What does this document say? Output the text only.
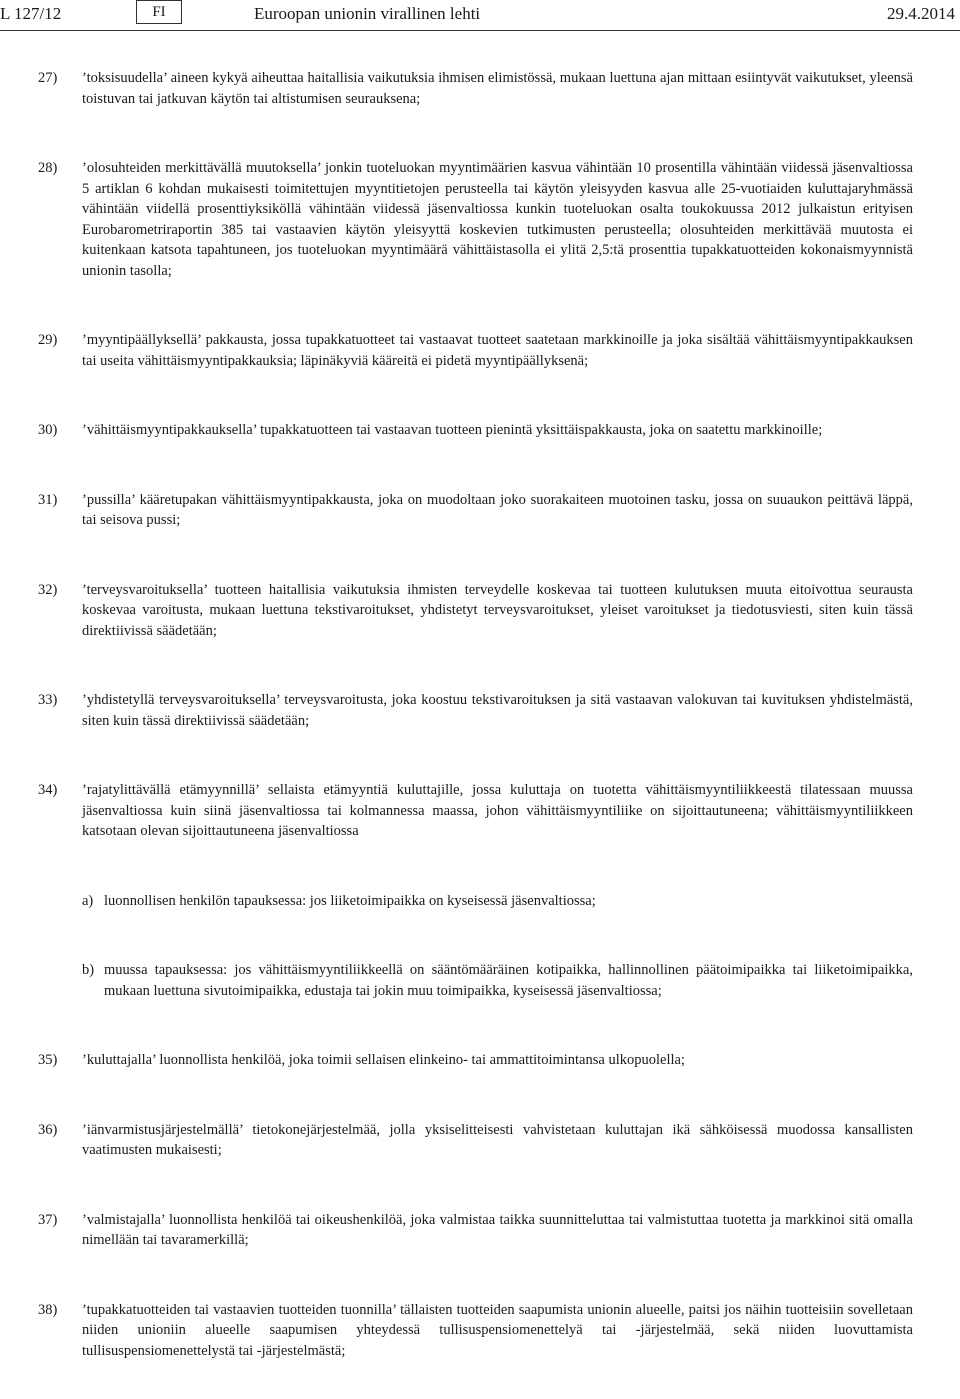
L 127/12	FI	Euroopan unionin virallinen lehti	29.4.2014
27) ’toksisuudella’ aineen kykyä aiheuttaa haitallisia vaikutuksia ihmisen elimistössä, mukaan luettuna ajan mittaan esiintyvät vaikutukset, yleensä toistuvan tai jatkuvan käytön tai altistumisen seurauksena;
28) ’olosuhteiden merkittävällä muutoksella’ jonkin tuoteluokan myyntimäärien kasvua vähintään 10 prosentilla vähintään viidessä jäsenvaltiossa 5 artiklan 6 kohdan mukaisesti toimitettujen myyntitietojen perusteella tai käytön yleisyyden kasvua alle 25-vuotiaiden kuluttajaryhmässä vähintään viidellä prosenttiyksiköllä vähintään viidessä jäsenvaltiossa kunkin tuoteluokan osalta toukokuussa 2012 julkaistun erityisen Eurobarometriraportin 385 tai vastaavien käytön yleisyyttä koskevien tutkimusten perusteella; olosuhteiden merkittävää muutosta ei kuitenkaan katsota tapahtuneen, jos tuoteluokan myyntimäärä vähittäistasolla ei ylitä 2,5:tä prosenttia tupakkatuotteiden kokonaismyynnistä unionin tasolla;
29) ’myyntipäällyksellä’ pakkausta, jossa tupakkatuotteet tai vastaavat tuotteet saatetaan markkinoille ja joka sisältää vähittäismyyntipakkauksen tai useita vähittäismyyntipakkauksia; läpinäkyviä kääreitä ei pidetä myyntipäällyksenä;
30) ’vähittäismyyntipakkauksella’ tupakkatuotteen tai vastaavan tuotteen pienintä yksittäispakkausta, joka on saatettu markkinoille;
31) ’pussilla’ kääretupakan vähittäismyyntipakkausta, joka on muodoltaan joko suorakaiteen muotoinen tasku, jossa on suuaukon peittävä läppä, tai seisova pussi;
32) ’terveysvaroituksella’ tuotteen haitallisia vaikutuksia ihmisten terveydelle koskevaa tai tuotteen kulutuksen muuta eitoivottua seurausta koskevaa varoitusta, mukaan luettuna tekstivaroitukset, yhdistetyt terveysvaroitukset, yleiset varoitukset ja tiedotusviesti, siten kuin tässä direktiivissä säädetään;
33) ’yhdistetyllä terveysvaroituksella’ terveysvaroitusta, joka koostuu tekstivaroituksen ja sitä vastaavan valokuvan tai kuvituksen yhdistelmästä, siten kuin tässä direktiivissä säädetään;
34) ’rajatylittävällä etämyynnillä’ sellaista etämyyntiä kuluttajille, jossa kuluttaja on tuotetta vähittäismyyntiliikkeestä tilatessaan muussa jäsenvaltiossa kuin siinä jäsenvaltiossa tai kolmannessa maassa, johon vähittäismyyntiliike on sijoittautuneena; vähittäismyyntiliikkeen katsotaan olevan sijoittautuneena jäsenvaltiossa
a) luonnollisen henkilön tapauksessa: jos liiketoimipaikka on kyseisessä jäsenvaltiossa;
b) muussa tapauksessa: jos vähittäismyyntiliikkeellä on sääntömääräinen kotipaikka, hallinnollinen päätoimipaikka tai liiketoimipaikka, mukaan luettuna sivutoimipaikka, edustaja tai jokin muu toimipaikka, kyseisessä jäsenvaltiossa;
35) ’kuluttajalla’ luonnollista henkilöä, joka toimii sellaisen elinkeino- tai ammattitoimintansa ulkopuolella;
36) ’iänvarmistusjärjestelmällä’ tietokonejärjestelmää, jolla yksiselitteisesti vahvistetaan kuluttajan ikä sähköisessä muodossa kansallisten vaatimusten mukaisesti;
37) ’valmistajalla’ luonnollista henkilöä tai oikeushenkilöä, joka valmistaa taikka suunnitteluttaa tai valmistuttaa tuotetta ja markkinoi sitä omalla nimellään tai tavaramerkillä;
38) ’tupakkatuotteiden tai vastaavien tuotteiden tuonnilla’ tällaisten tuotteiden saapumista unionin alueelle, paitsi jos näihin tuotteisiin sovelletaan niiden unioniin alueelle saapumisen yhteydessä tullisuspensiomenettelyä tai -järjestelmää, sekä niiden luovuttamista tullisuspensiomenettelystä tai -järjestelmästä;
